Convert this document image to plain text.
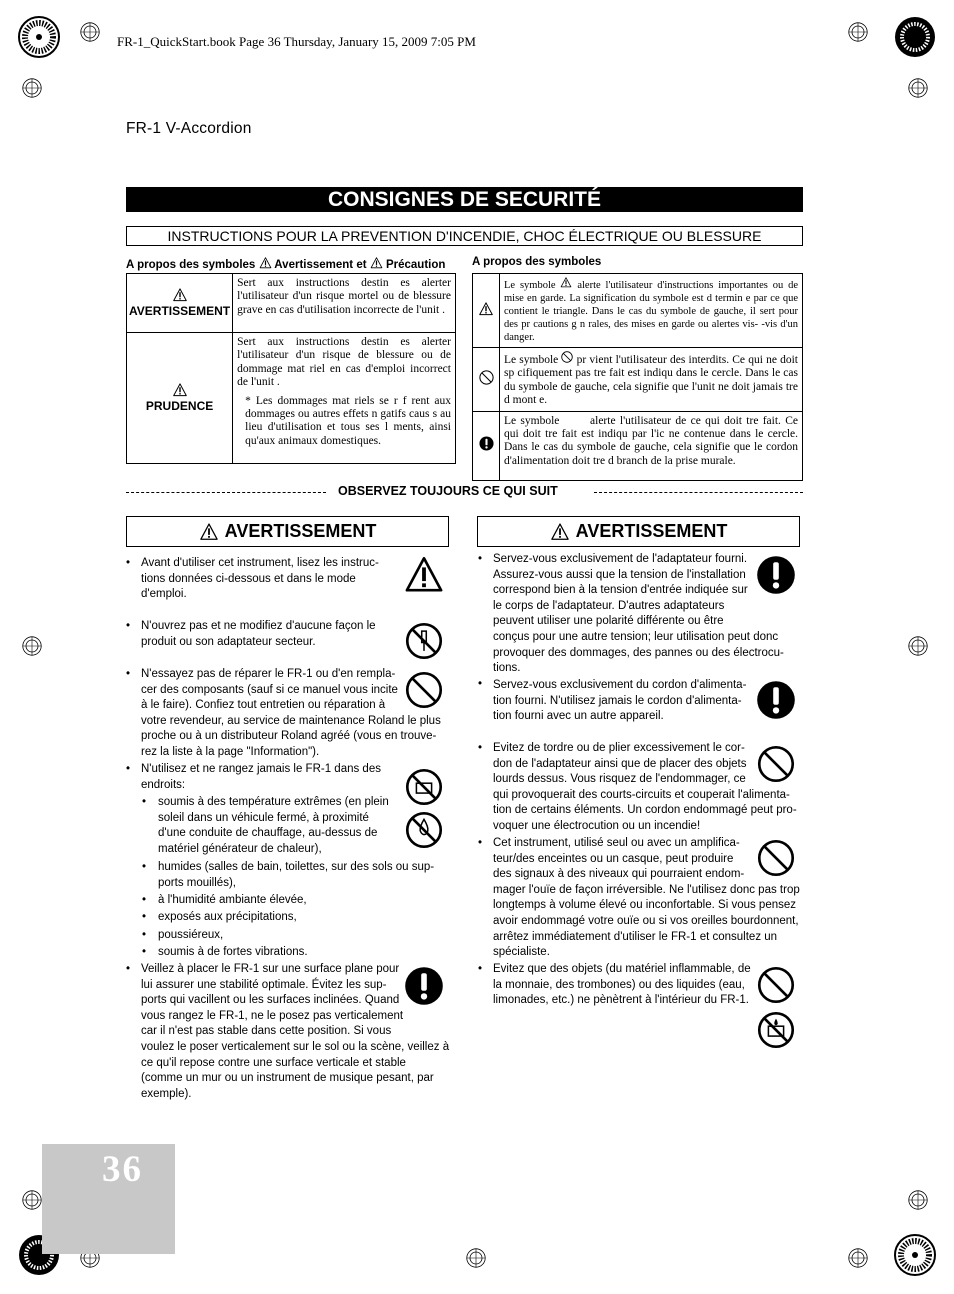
FR-1_QuickStart.book Page 36 Thursday, January 15, 2009 7:05 PM
FR-1 V-Accordion
CONSIGNES DE SECURITÉ
INSTRUCTIONS POUR LA PREVENTION D'INCENDIE, CHOC ÉLECTRIQUE OU BLESSURE
A propos des symboles Avertissement et Précaution

AVERTISSEMENT	Sert aux instructions destin es alerter l'utilisateur d'un risque mortel ou de blessure grave en cas d'utilisation incorrecte de l'unit .

PRUDENCE	Sert aux instructions destin es alerter l'utilisateur d'un risque de blessure ou de dommage mat riel en cas d'emploi incorrect de l'unit .
* Les dommages mat riels se r f rent aux dommages ou autres effets n gatifs caus s au lieu d'utilisation et tous ses l ments, ainsi qu'aux animaux domestiques.
A propos des symboles
	Le symbole alerte l'utilisateur d'instructions importantes ou de mise en garde. La signification du symbole est d termin e par ce que contient le triangle. Dans le cas du symbole de gauche, il sert pour des pr cautions g n rales, des mises en garde ou alertes vis- -vis d'un danger.
	Le symbole pr vient l'utilisateur des interdits. Ce qui ne doit sp cifiquement pas tre fait est indiqu dans le cercle. Dans le cas du symbole de gauche, cela signifie que l'unit ne doit jamais tre d mont e.
	Le symbole alerte l'utilisateur de ce qui doit tre fait. Ce qui doit tre fait est indiqu par l'ic ne contenue dans le cercle. Dans le cas du symbole de gauche, cela signifie que le cordon d'alimentation doit tre d branch de la prise murale.
OBSERVEZ TOUJOURS CE QUI SUIT
AVERTISSEMENT	AVERTISSEMENT
• Avant d'utiliser cet instrument, lisez les instruc-
tions données ci-dessous et dans le mode
d'emploi.
• N'ouvrez pas et ne modifiez d'aucune façon le
produit ou son adaptateur secteur.
• N'essayez pas de réparer le FR-1 ou d'en rempla-
cer des composants (sauf si ce manuel vous incite
à le faire). Confiez tout entretien ou réparation à
votre revendeur, au service de maintenance Roland le plus
proche ou à un distributeur Roland agréé (vous en trouve-
rez la liste à la page "Information").
• N'utilisez et ne rangez jamais le FR-1 dans des
endroits:
• soumis à des température extrêmes (en plein
soleil dans un véhicule fermé, à proximité
d'une conduite de chauffage, au-dessus de
matériel générateur de chaleur),
• humides (salles de bain, toilettes, sur des sols ou sup-
ports mouillés),
• à l'humidité ambiante élevée,
• exposés aux précipitations,
• poussiéreux,
• soumis à de fortes vibrations.
• Veillez à placer le FR-1 sur une surface plane pour
lui assurer une stabilité optimale. Évitez les sup-
ports qui vacillent ou les surfaces inclinées. Quand
vous rangez le FR-1, ne le posez pas verticalement
car il n'est pas stable dans cette position. Si vous
voulez le poser verticalement sur le sol ou la scène, veillez à
ce qu'il repose contre une surface verticale et stable
(comme un mur ou un instrument de musique pesant, par
exemple).
• Servez-vous exclusivement de l'adaptateur fourni.
Assurez-vous aussi que la tension de l'installation
correspond bien à la tension d'entrée indiquée sur
le corps de l'adaptateur. D'autres adaptateurs
peuvent utiliser une polarité différente ou être
conçus pour une autre tension; leur utilisation peut donc
provoquer des dommages, des pannes ou des électrocu-
tions.
• Servez-vous exclusivement du cordon d'alimenta-
tion fourni. N'utilisez jamais le cordon d'alimenta-
tion fourni avec un autre appareil.
• Evitez de tordre ou de plier excessivement le cor-
don de l'adaptateur ainsi que de placer des objets
lourds dessus. Vous risquez de l'endommager, ce
qui provoquerait des courts-circuits et couperait l'alimenta-
tion de certains éléments. Un cordon endommagé peut pro-
voquer une électrocution ou un incendie!
• Cet instrument, utilisé seul ou avec un amplifica-
teur/des enceintes ou un casque, peut produire
des signaux à des niveaux qui pourraient endom-
mager l'ouïe de façon irréversible. Ne l'utilisez donc pas trop
longtemps à volume élevé ou inconfortable. Si vous pensez
avoir endommagé votre ouïe ou si vos oreilles bourdonnent,
arrêtez immédiatement d'utiliser le FR-1 et consultez un
spécialiste.
• Evitez que des objets (du matériel inflammable, de
la monnaie, des trombones) ou des liquides (eau,
limonades, etc.) ne pènètrent à l'intérieur du FR-1.
36
